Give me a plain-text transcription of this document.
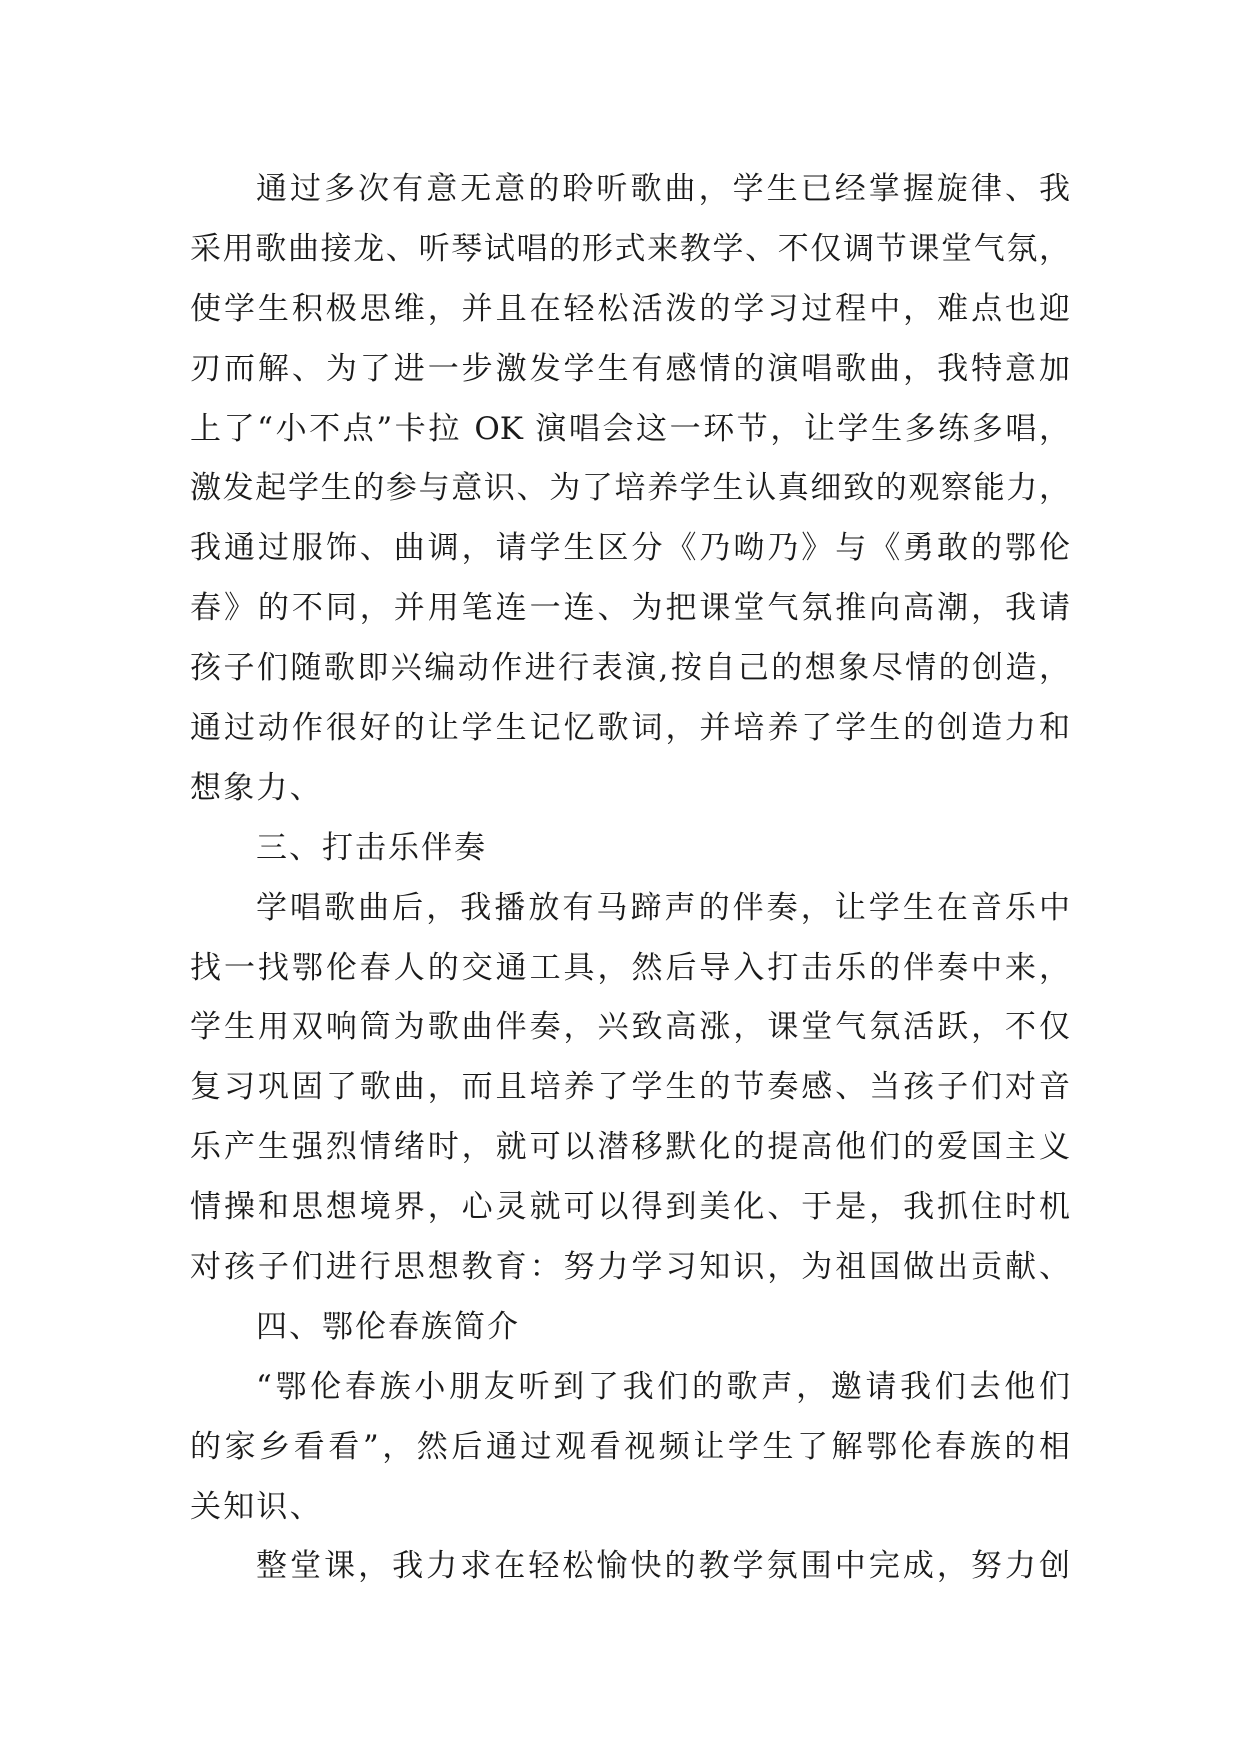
通过多次有意无意的聆听歌曲，学生已经掌握旋律、我
采用歌曲接龙、听琴试唱的形式来教学、不仅调节课堂气氛，
使学生积极思维，并且在轻松活泼的学习过程中，难点也迎
刃而解、为了进一步激发学生有感情的演唱歌曲，我特意加
上了“小不点”卡拉 OK 演唱会这一环节，让学生多练多唱，
激发起学生的参与意识、为了培养学生认真细致的观察能力，
我通过服饰、曲调，请学生区分《乃呦乃》与《勇敢的鄂伦
春》的不同，并用笔连一连、为把课堂气氛推向高潮，我请
孩子们随歌即兴编动作进行表演,按自己的想象尽情的创造，
通过动作很好的让学生记忆歌词，并培养了学生的创造力和
想象力、
三、打击乐伴奏
学唱歌曲后，我播放有马蹄声的伴奏，让学生在音乐中
找一找鄂伦春人的交通工具，然后导入打击乐的伴奏中来，
学生用双响筒为歌曲伴奏，兴致高涨，课堂气氛活跃，不仅
复习巩固了歌曲，而且培养了学生的节奏感、当孩子们对音
乐产生强烈情绪时，就可以潜移默化的提高他们的爱国主义
情操和思想境界，心灵就可以得到美化、于是，我抓住时机
对孩子们进行思想教育：努力学习知识，为祖国做出贡献、
四、鄂伦春族简介
“鄂伦春族小朋友听到了我们的歌声，邀请我们去他们
的家乡看看”，然后通过观看视频让学生了解鄂伦春族的相
关知识、
整堂课，我力求在轻松愉快的教学氛围中完成，努力创
